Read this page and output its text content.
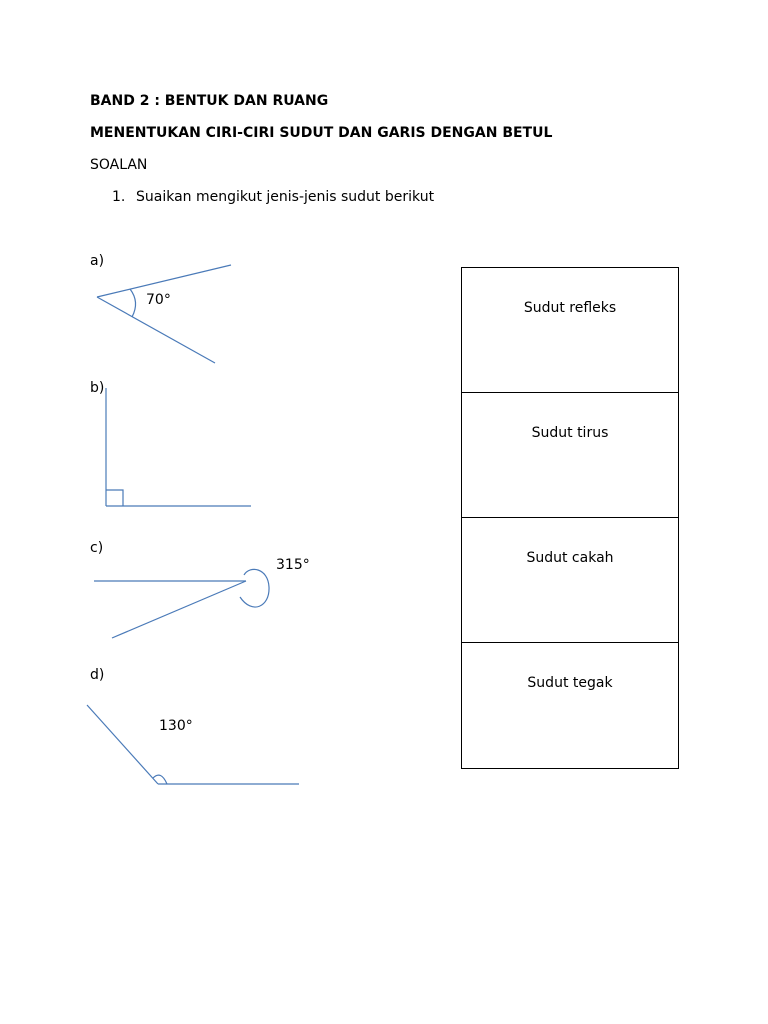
BAND 2 : BENTUK DAN RUANG
MENENTUKAN CIRI-CIRI SUDUT DAN GARIS DENGAN BETUL
SOALAN
1. Suaikan mengikut jenis-jenis sudut berikut
a)
b)
c)
d)
70°
315°
130°
Sudut refleks
Sudut tirus
Sudut cakah
Sudut tegak
